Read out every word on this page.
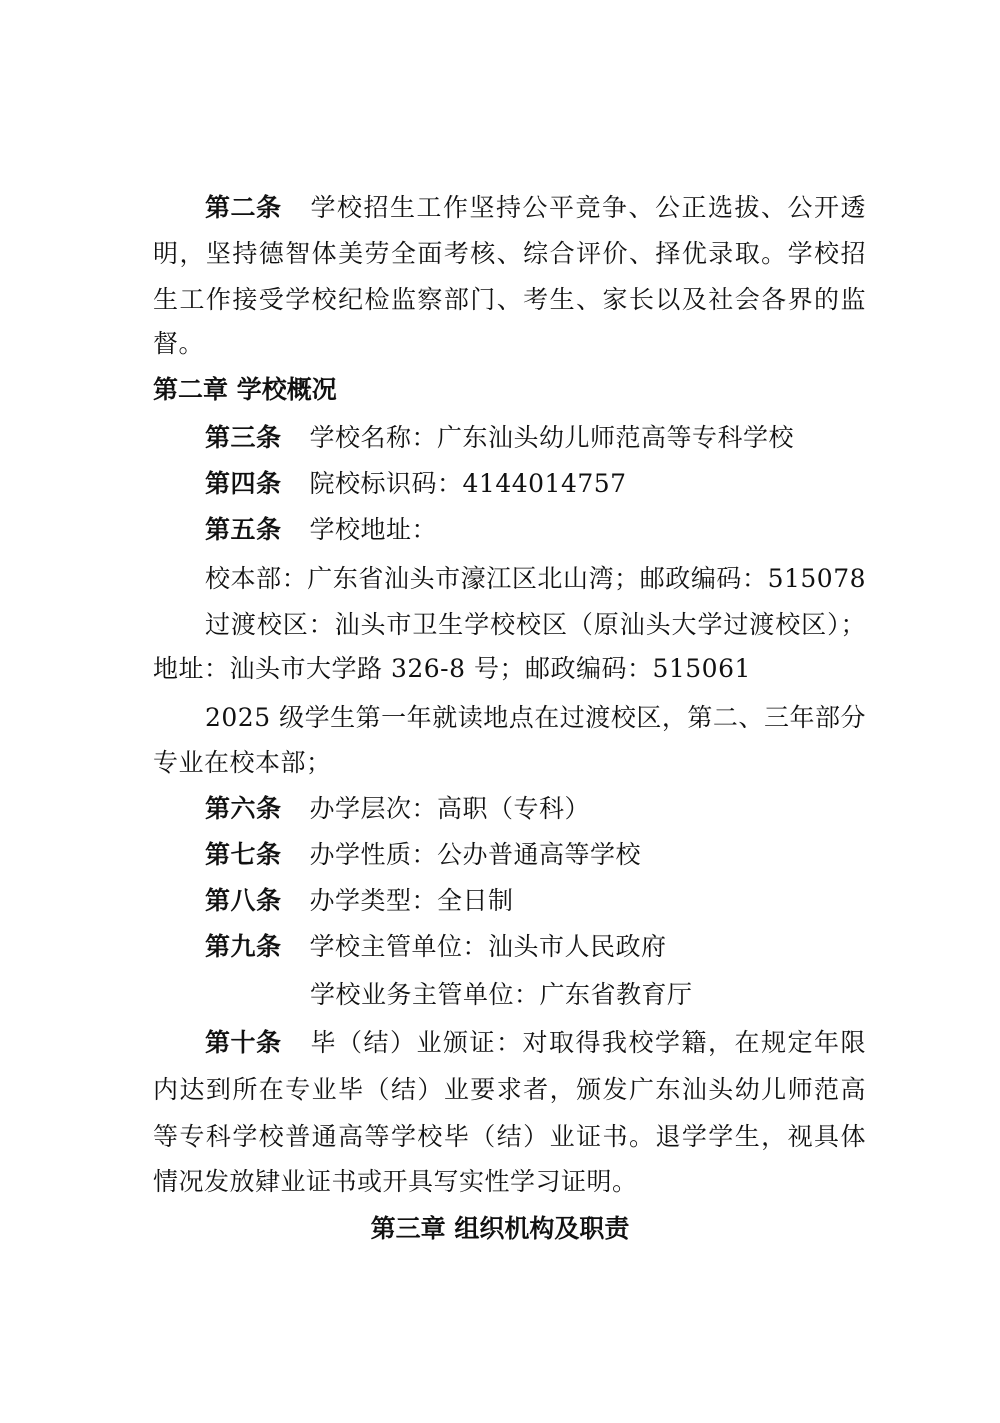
第二条 学校招生工作坚持公平竞争、公正选拔、公开透
明，坚持德智体美劳全面考核、综合评价、择优录取。学校招
生工作接受学校纪检监察部门、考生、家长以及社会各界的监
督。
第二章 学校概况
第三条 学校名称：广东汕头幼儿师范高等专科学校
第四条 院校标识码：4144014757
第五条 学校地址：
校本部：广东省汕头市濠江区北山湾；邮政编码：515078
过渡校区：汕头市卫生学校校区（原汕头大学过渡校区）；
地址：汕头市大学路 326-8 号；邮政编码：515061
2025 级学生第一年就读地点在过渡校区，第二、三年部分
专业在校本部；
第六条 办学层次：高职（专科）
第七条 办学性质：公办普通高等学校
第八条 办学类型：全日制
第九条 学校主管单位：汕头市人民政府
学校业务主管单位：广东省教育厅
第十条 毕（结）业颁证：对取得我校学籍，在规定年限
内达到所在专业毕（结）业要求者，颁发广东汕头幼儿师范高
等专科学校普通高等学校毕（结）业证书。退学学生，视具体
情况发放肄业证书或开具写实性学习证明。
第三章 组织机构及职责
